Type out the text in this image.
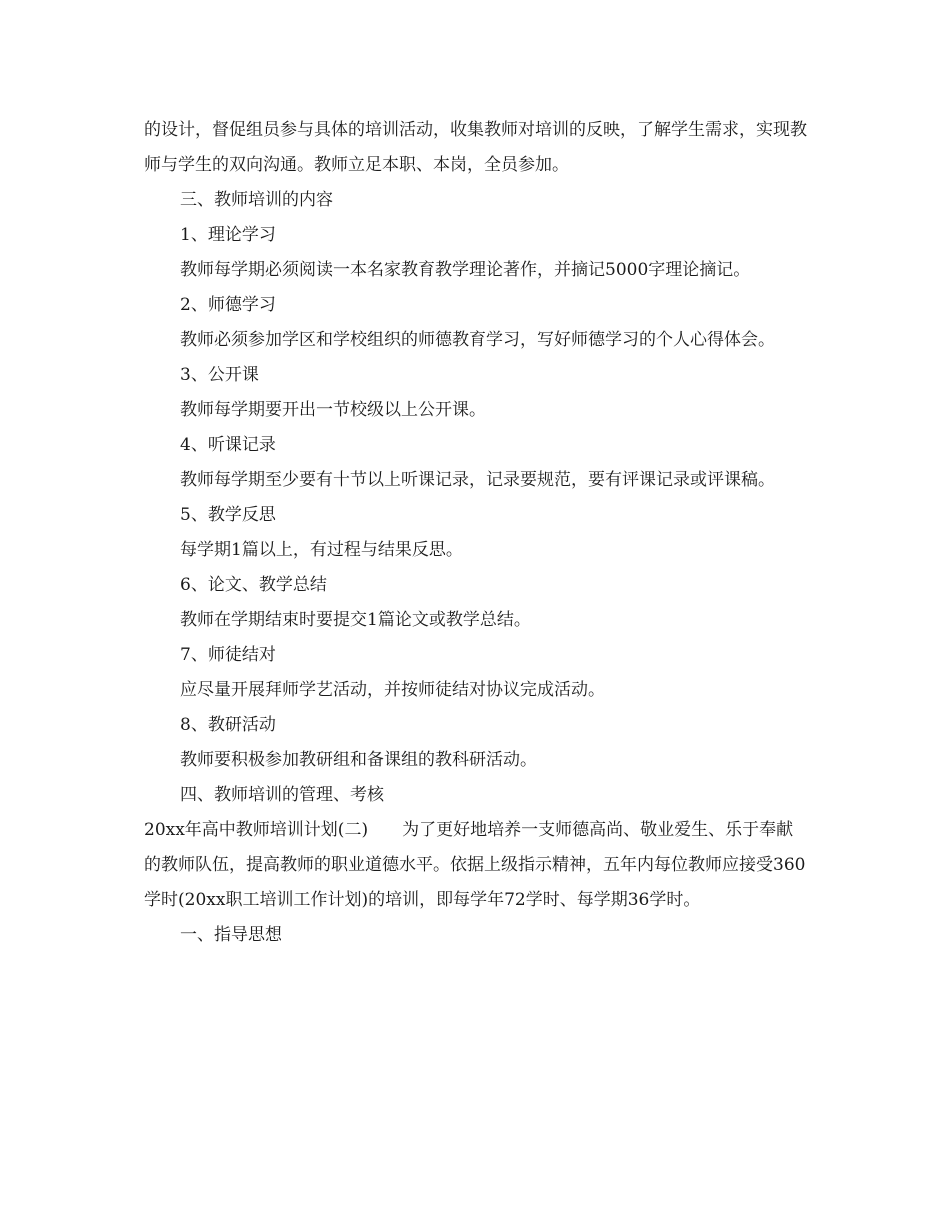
的设计，督促组员参与具体的培训活动，收集教师对培训的反映，了解学生需求，实现教师与学生的双向沟通。教师立足本职、本岗，全员参加。

三、教师培训的内容

1、理论学习

教师每学期必须阅读一本名家教育教学理论著作，并摘记5000字理论摘记。

2、师德学习

教师必须参加学区和学校组织的师德教育学习，写好师德学习的个人心得体会。

3、公开课

教师每学期要开出一节校级以上公开课。

4、听课记录

教师每学期至少要有十节以上听课记录，记录要规范，要有评课记录或评课稿。

5、教学反思

每学期1篇以上，有过程与结果反思。

6、论文、教学总结

教师在学期结束时要提交1篇论文或教学总结。

7、师徒结对

应尽量开展拜师学艺活动，并按师徒结对协议完成活动。

8、教研活动

教师要积极参加教研组和备课组的教科研活动。

四、教师培训的管理、考核

20xx年高中教师培训计划(二)　　为了更好地培养一支师德高尚、敬业爱生、乐于奉献的教师队伍，提高教师的职业道德水平。依据上级指示精神，五年内每位教师应接受360学时(20xx职工培训工作计划)的培训，即每学年72学时、每学期36学时。

一、指导思想
